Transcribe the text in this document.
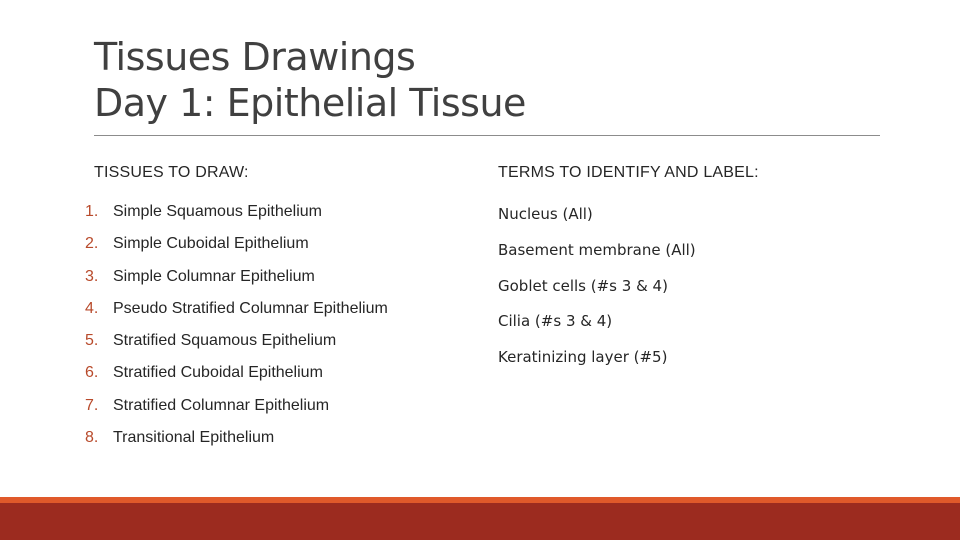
Tissues Drawings
Day 1: Epithelial Tissue
TISSUES TO DRAW:	TERMS TO IDENTIFY AND LABEL:
1. Simple Squamous Epithelium
2. Simple Cuboidal Epithelium
3. Simple Columnar Epithelium
4. Pseudo Stratified Columnar Epithelium
5. Stratified Squamous Epithelium
6. Stratified Cuboidal Epithelium
7. Stratified Columnar Epithelium
8. Transitional Epithelium
Nucleus (All)
Basement membrane (All)
Goblet cells (#s 3 & 4)
Cilia (#s 3 & 4)
Keratinizing layer (#5)
